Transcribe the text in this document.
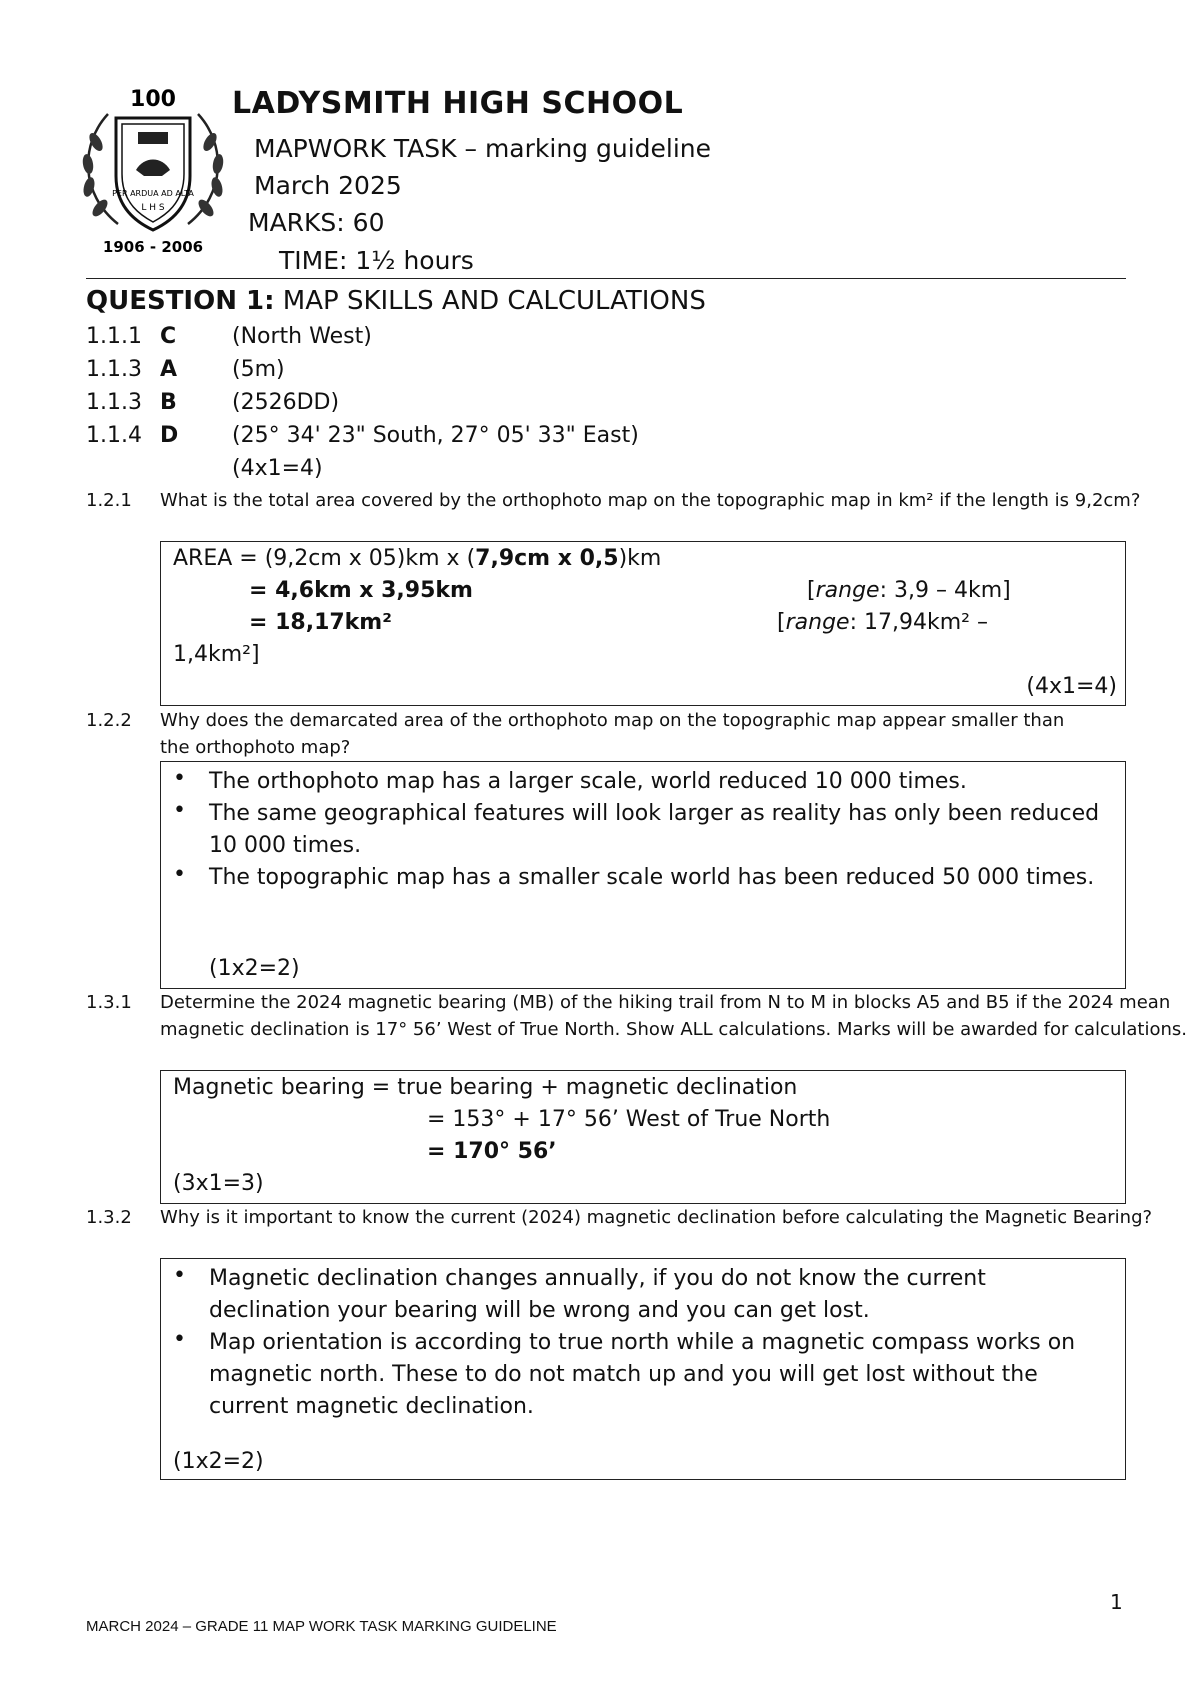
100
PER ARDUA AD ALTA
L H S
1906 - 2006
LADYSMITH HIGH SCHOOL
MAPWORK TASK – marking guideline
March 2025
MARKS: 60
TIME: 1½ hours
QUESTION 1: MAP SKILLS AND CALCULATIONS
1.1.1 C	(North West)
1.1.3 A (5m)
1.1.3 B	(2526DD)
1.1.4 D (25° 34' 23" South, 27° 05' 33" East)
(4x1=4)
1.2.1 What is the total area covered by the orthophoto map on the topographic map in km² if the length is 9,2cm?

AREA = (9,2cm x 05)km x (7,9cm x 0,5)km

= 4,6km x 3,95km	[range: 3,9 – 4km]

= 18,17km²	[range: 17,94km² –

1,4km²]

(4x1=4)

1.2.2 Why does the demarcated area of the orthophoto map on the topographic map appear smaller than the orthophoto map?
• The orthophoto map has a larger scale, world reduced 10 000 times.
• The same geographical features will look larger as reality has only been reduced 10 000 times.
• The topographic map has a smaller scale world has been reduced 50 000 times.

(1x2=2)

1.3.1 Determine the 2024 magnetic bearing (MB) of the hiking trail from N to M in blocks A5 and B5 if the 2024 mean magnetic declination is 17° 56’ West of True North. Show ALL calculations. Marks will be awarded for calculations.

Magnetic bearing = true bearing + magnetic declination

= 153° + 17° 56’ West of True North

= 170° 56’

(3x1=3)

1.3.2 Why is it important to know the current (2024) magnetic declination before calculating the Magnetic Bearing?
• Magnetic declination changes annually, if you do not know the current declination your bearing will be wrong and you can get lost.
• Map orientation is according to true north while a magnetic compass works on magnetic north. These to do not match up and you will get lost without the current magnetic declination.

(1x2=2)

1
MARCH 2024 – GRADE 11 MAP WORK TASK MARKING GUIDELINE
